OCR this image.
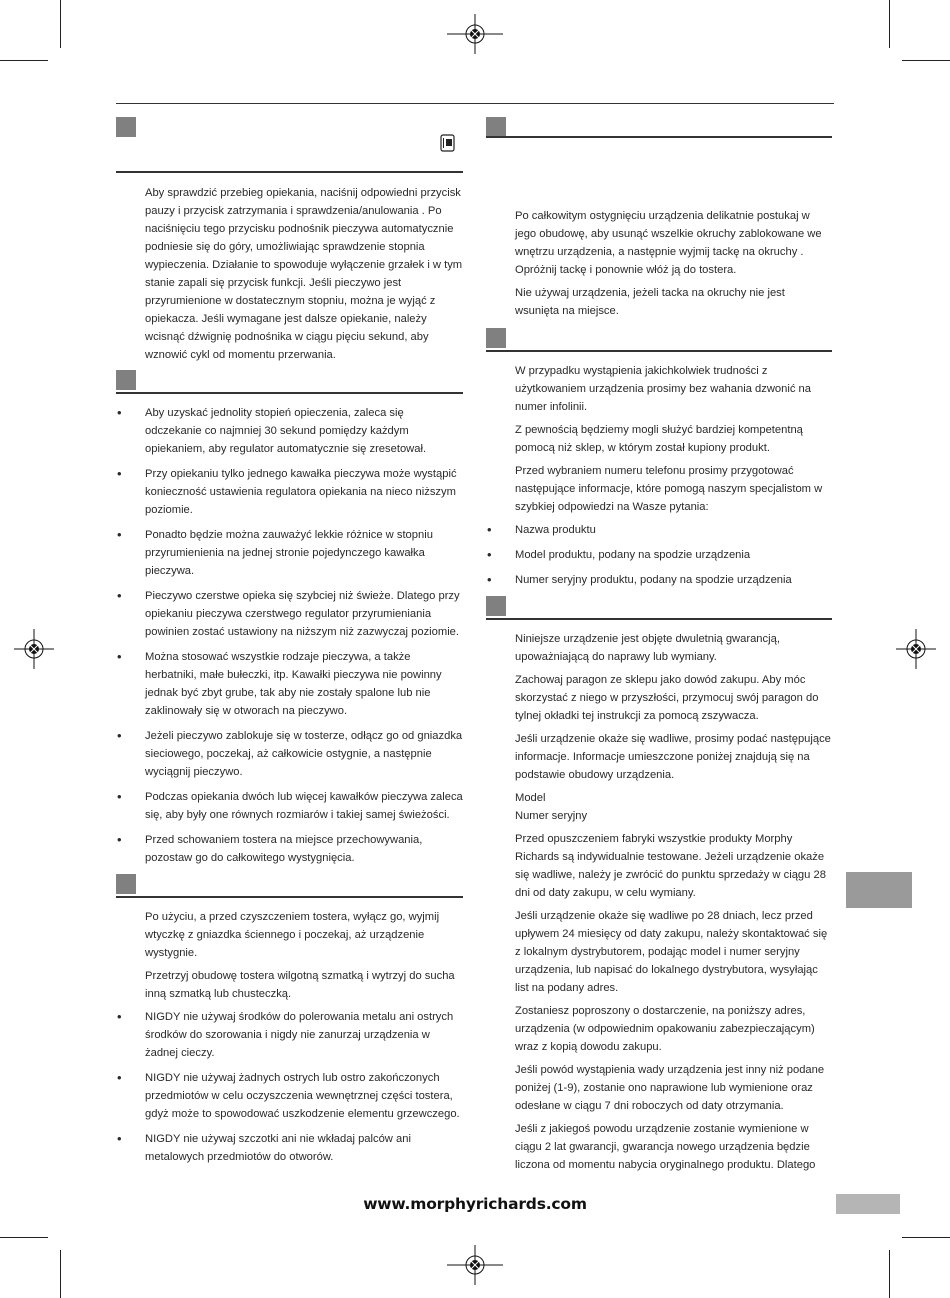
Aby sprawdzić przebieg opiekania, naciśnij odpowiedni przycisk pauzy i przycisk zatrzymania i sprawdzenia/anulowania . Po naciśnięciu tego przycisku podnośnik pieczywa automatycznie podniesie się do góry, umożliwiając sprawdzenie stopnia wypieczenia. Działanie to spowoduje wyłączenie grzałek i w tym stanie zapali się przycisk funkcji. Jeśli pieczywo jest przyrumienione w dostatecznym stopniu, można je wyjąć z opiekacza. Jeśli wymagane jest dalsze opiekanie, należy wcisnąć dźwignię podnośnika w ciągu pięciu sekund, aby wznowić cykl od momentu przerwania.

• Aby uzyskać jednolity stopień opieczenia, zaleca się odczekanie co najmniej 30 sekund pomiędzy każdym opiekaniem, aby regulator automatycznie się zresetował.

• Przy opiekaniu tylko jednego kawałka pieczywa może wystąpić konieczność ustawienia regulatora opiekania na nieco niższym poziomie.

• Ponadto będzie można zauważyć lekkie różnice w stopniu przyrumienienia na jednej stronie pojedynczego kawałka pieczywa.

• Pieczywo czerstwe opieka się szybciej niż świeże. Dlatego przy opiekaniu pieczywa czerstwego regulator przyrumieniania powinien zostać ustawiony na niższym niż zazwyczaj poziomie.

• Można stosować wszystkie rodzaje pieczywa, a także herbatniki, małe bułeczki, itp. Kawałki pieczywa nie powinny jednak być zbyt grube, tak aby nie zostały spalone lub nie zaklinowały się w otworach na pieczywo.

• Jeżeli pieczywo zablokuje się w tosterze, odłącz go od gniazdka sieciowego, poczekaj, aż całkowicie ostygnie, a następnie wyciągnij pieczywo.

• Podczas opiekania dwóch lub więcej kawałków pieczywa zaleca się, aby były one równych rozmiarów i takiej samej świeżości.

• Przed schowaniem tostera na miejsce przechowywania, pozostaw go do całkowitego wystygnięcia.

Po użyciu, a przed czyszczeniem tostera, wyłącz go, wyjmij wtyczkę z gniazdka ściennego i poczekaj, aż urządzenie wystygnie.

Przetrzyj obudowę tostera wilgotną szmatką i wytrzyj do sucha inną szmatką lub chusteczką.

• NIGDY nie używaj środków do polerowania metalu ani ostrych środków do szorowania i nigdy nie zanurzaj urządzenia w żadnej cieczy.

• NIGDY nie używaj żadnych ostrych lub ostro zakończonych przedmiotów w celu oczyszczenia wewnętrznej części tostera, gdyż może to spowodować uszkodzenie elementu grzewczego.

• NIGDY nie używaj szczotki ani nie wkładaj palców ani metalowych przedmiotów do otworów.

Po całkowitym ostygnięciu urządzenia delikatnie postukaj w jego obudowę, aby usunąć wszelkie okruchy zablokowane we wnętrzu urządzenia, a następnie wyjmij tackę na okruchy . Opróżnij tackę i ponownie włóż ją do tostera.

Nie używaj urządzenia, jeżeli tacka na okruchy nie jest wsunięta na miejsce.

W przypadku wystąpienia jakichkolwiek trudności z użytkowaniem urządzenia prosimy bez wahania dzwonić na numer infolinii.

Z pewnością będziemy mogli służyć bardziej kompetentną pomocą niż sklep, w którym został kupiony produkt.

Przed wybraniem numeru telefonu prosimy przygotować następujące informacje, które pomogą naszym specjalistom w szybkiej odpowiedzi na Wasze pytania:

• Nazwa produktu

• Model produktu, podany na spodzie urządzenia

• Numer seryjny produktu, podany na spodzie urządzenia

Niniejsze urządzenie jest objęte dwuletnią gwarancją, upoważniającą do naprawy lub wymiany.

Zachowaj paragon ze sklepu jako dowód zakupu. Aby móc skorzystać z niego w przyszłości, przymocuj swój paragon do tylnej okładki tej instrukcji za pomocą zszywacza.

Jeśli urządzenie okaże się wadliwe, prosimy podać następujące informacje. Informacje umieszczone poniżej znajdują się na podstawie obudowy urządzenia.

Model

Numer seryjny

Przed opuszczeniem fabryki wszystkie produkty Morphy Richards są indywidualnie testowane. Jeżeli urządzenie okaże się wadliwe, należy je zwrócić do punktu sprzedaży w ciągu 28 dni od daty zakupu, w celu wymiany.

Jeśli urządzenie okaże się wadliwe po 28 dniach, lecz przed upływem 24 miesięcy od daty zakupu, należy skontaktować się z lokalnym dystrybutorem, podając model i numer seryjny urządzenia, lub napisać do lokalnego dystrybutora, wysyłając list na podany adres.

Zostaniesz poproszony o dostarczenie, na poniższy adres, urządzenia (w odpowiednim opakowaniu zabezpieczającym) wraz z kopią dowodu zakupu.

Jeśli powód wystąpienia wady urządzenia jest inny niż podane poniżej (1-9), zostanie ono naprawione lub wymienione oraz odesłane w ciągu 7 dni roboczych od daty otrzymania.

Jeśli z jakiegoś powodu urządzenie zostanie wymienione w ciągu 2 lat gwarancji, gwarancja nowego urządzenia będzie liczona od momentu nabycia oryginalnego produktu. Dlatego

www.morphyrichards.com
